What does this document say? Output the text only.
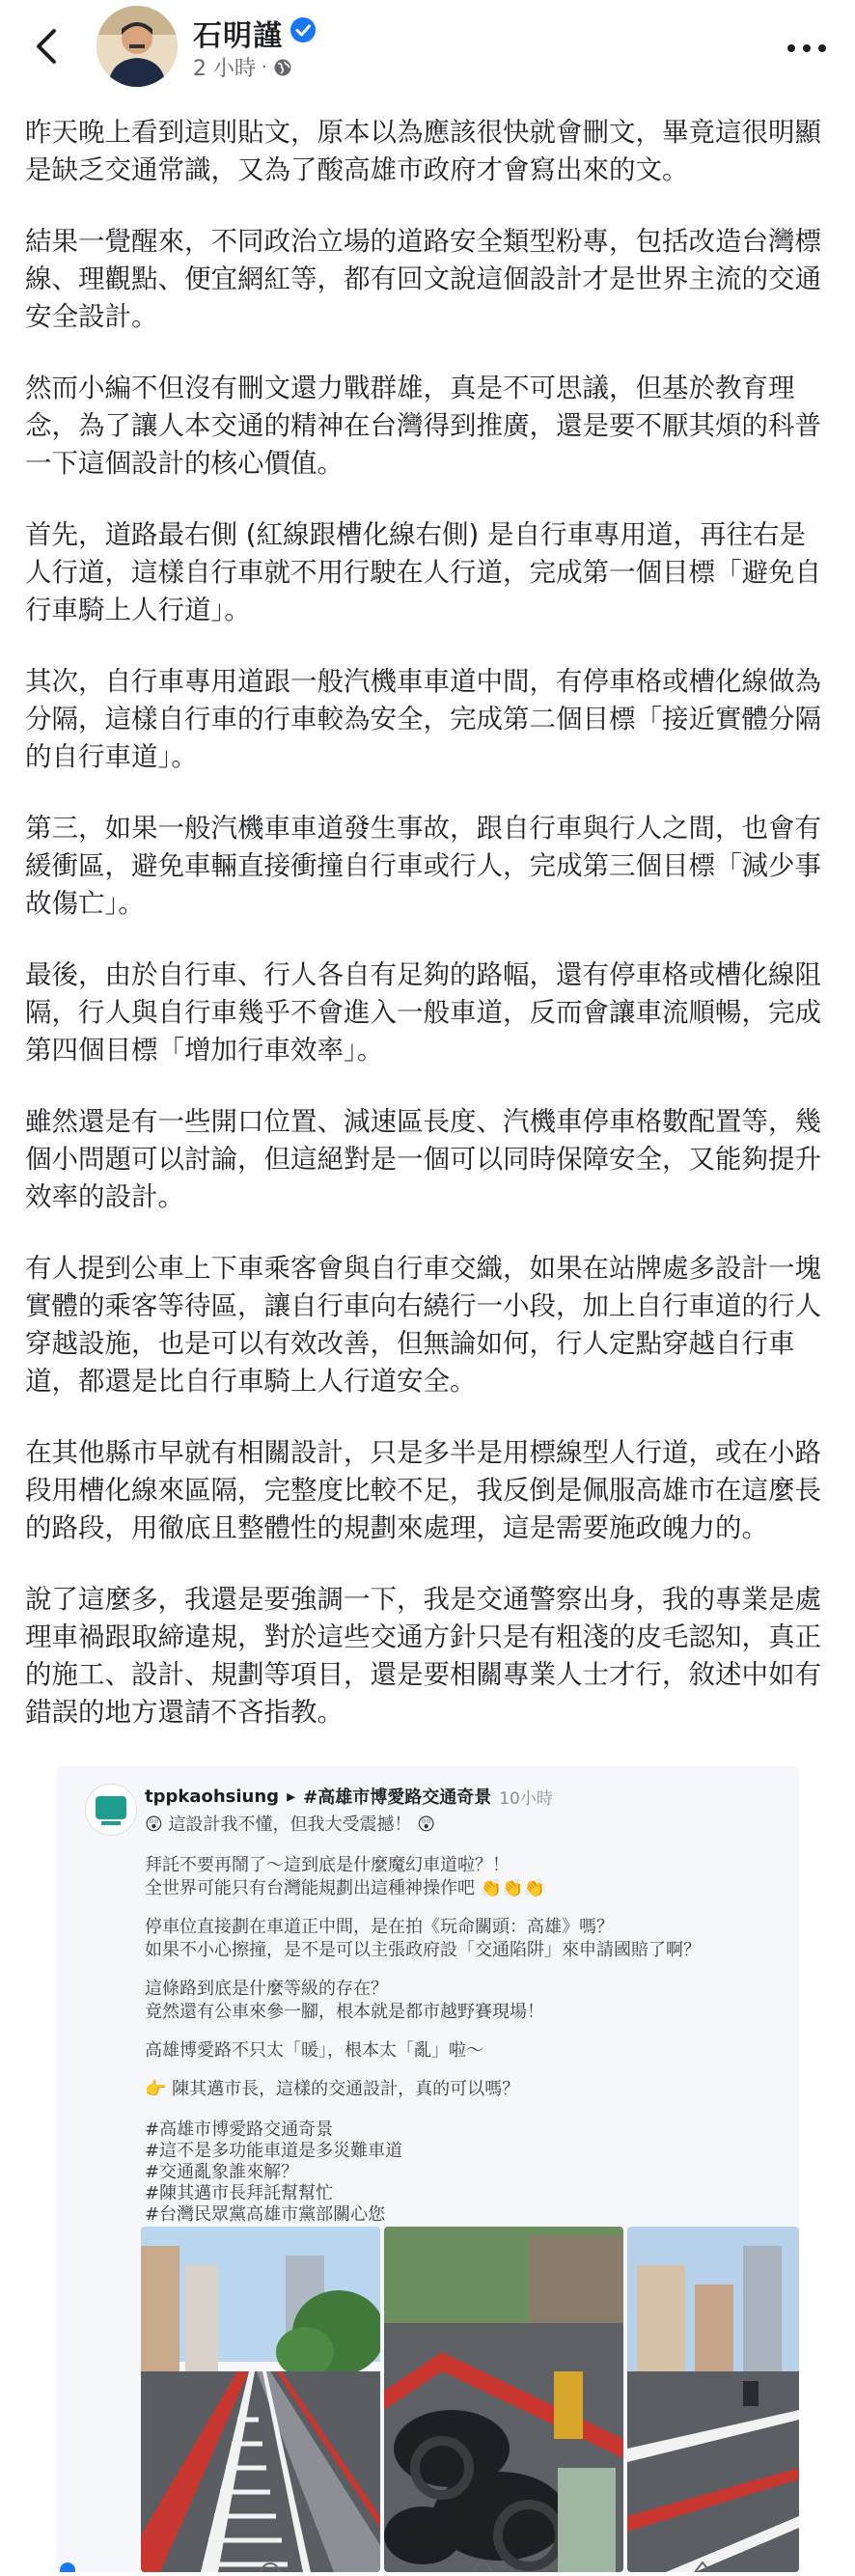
石明謹
2 小時 ·

昨天晚上看到這則貼文，原本以為應該很快就會刪文，畢竟這很明顯是缺乏交通常識，又為了酸高雄市政府才會寫出來的文。

結果一覺醒來，不同政治立場的道路安全類型粉專，包括改造台灣標線、理觀點、便宜網紅等，都有回文說這個設計才是世界主流的交通安全設計。

然而小編不但沒有刪文還力戰群雄，真是不可思議，但基於教育理念，為了讓人本交通的精神在台灣得到推廣，還是要不厭其煩的科普一下這個設計的核心價值。

首先，道路最右側 (紅線跟槽化線右側) 是自行車專用道，再往右是人行道，這樣自行車就不用行駛在人行道，完成第一個目標「避免自行車騎上人行道」。

其次，自行車專用道跟一般汽機車車道中間，有停車格或槽化線做為分隔，這樣自行車的行車較為安全，完成第二個目標「接近實體分隔的自行車道」。

第三，如果一般汽機車車道發生事故，跟自行車與行人之間，也會有緩衝區，避免車輛直接衝撞自行車或行人，完成第三個目標「減少事故傷亡」。

最後，由於自行車、行人各自有足夠的路幅，還有停車格或槽化線阻隔，行人與自行車幾乎不會進入一般車道，反而會讓車流順暢，完成第四個目標「增加行車效率」。

雖然還是有一些開口位置、減速區長度、汽機車停車格數配置等，幾個小問題可以討論，但這絕對是一個可以同時保障安全，又能夠提升效率的設計。

有人提到公車上下車乘客會與自行車交織，如果在站牌處多設計一塊實體的乘客等待區，讓自行車向右繞行一小段，加上自行車道的行人穿越設施，也是可以有效改善，但無論如何，行人定點穿越自行車道，都還是比自行車騎上人行道安全。

在其他縣市早就有相關設計，只是多半是用標線型人行道，或在小路段用槽化線來區隔，完整度比較不足，我反倒是佩服高雄市在這麼長的路段，用徹底且整體性的規劃來處理，這是需要施政魄力的。

說了這麼多，我還是要強調一下，我是交通警察出身，我的專業是處理車禍跟取締違規，對於這些交通方針只是有粗淺的皮毛認知，真正的施工、設計、規劃等項目，還是要相關專業人士才行，敘述中如有錯誤的地方還請不吝指教。

tppkaohsiung ▸ #高雄市博愛路交通奇景 10小時
😲 這設計我不懂，但我大受震撼！ 😲
拜託不要再鬧了～這到底是什麼魔幻車道啦？！
全世界可能只有台灣能規劃出這種神操作吧 👏👏👏
停車位直接劃在車道正中間，是在拍《玩命關頭：高雄》嗎？
如果不小心擦撞，是不是可以主張政府設「交通陷阱」來申請國賠了啊？
這條路到底是什麼等級的存在？
竟然還有公車來參一腳，根本就是都市越野賽現場！
高雄博愛路不只太「暖」，根本太「亂」啦～
👉 陳其邁市長，這樣的交通設計，真的可以嗎？
#高雄市博愛路交通奇景
#這不是多功能車道是多災難車道
#交通亂象誰來解？
#陳其邁市長拜託幫幫忙
#台灣民眾黨高雄市黨部關心您
